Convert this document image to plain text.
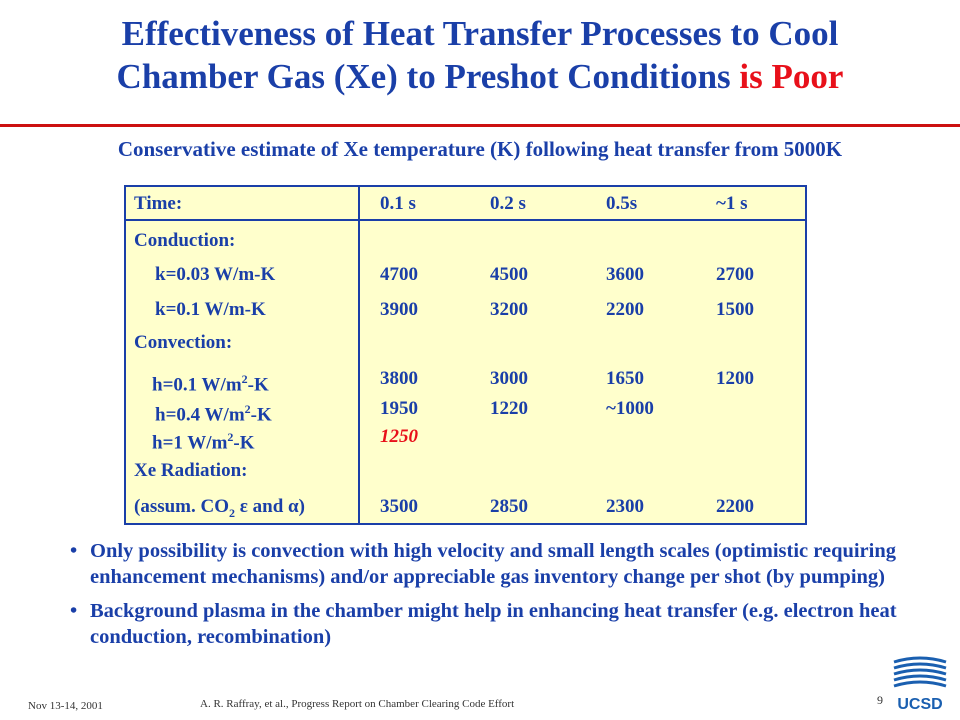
Effectiveness of Heat Transfer Processes to Cool
Chamber Gas (Xe) to Preshot Conditions is Poor
Conservative estimate of Xe temperature (K) following heat transfer from 5000K
Time:	0.1 s	0.2 s	0.5s	~1 s
Conduction:
k=0.03 W/m-K	4700	4500	3600	2700
k=0.1 W/m-K	3900	3200	2200	1500
Convection:
h=0.1 $W/m^2-K$	3800	3000	1650	1200
h=0.4 $W/m^2-K$	1950	1220	~1000
h=1 $W/m^2-K$	1250
Xe Radiation:
(assum. $CO_2$ ε and α)	3500	2850	2300	2200
• Only possibility is convection with high velocity and small length scales (optimistic requiring enhancement mechanisms) and/or appreciable gas inventory change per shot (by pumping)
• Background plasma in the chamber might help in enhancing heat transfer (e.g. electron heat conduction, recombination)
Nov 13-14, 2001	A. R. Raffray, et al., Progress Report on Chamber Clearing Code Effort	9 UCSD
